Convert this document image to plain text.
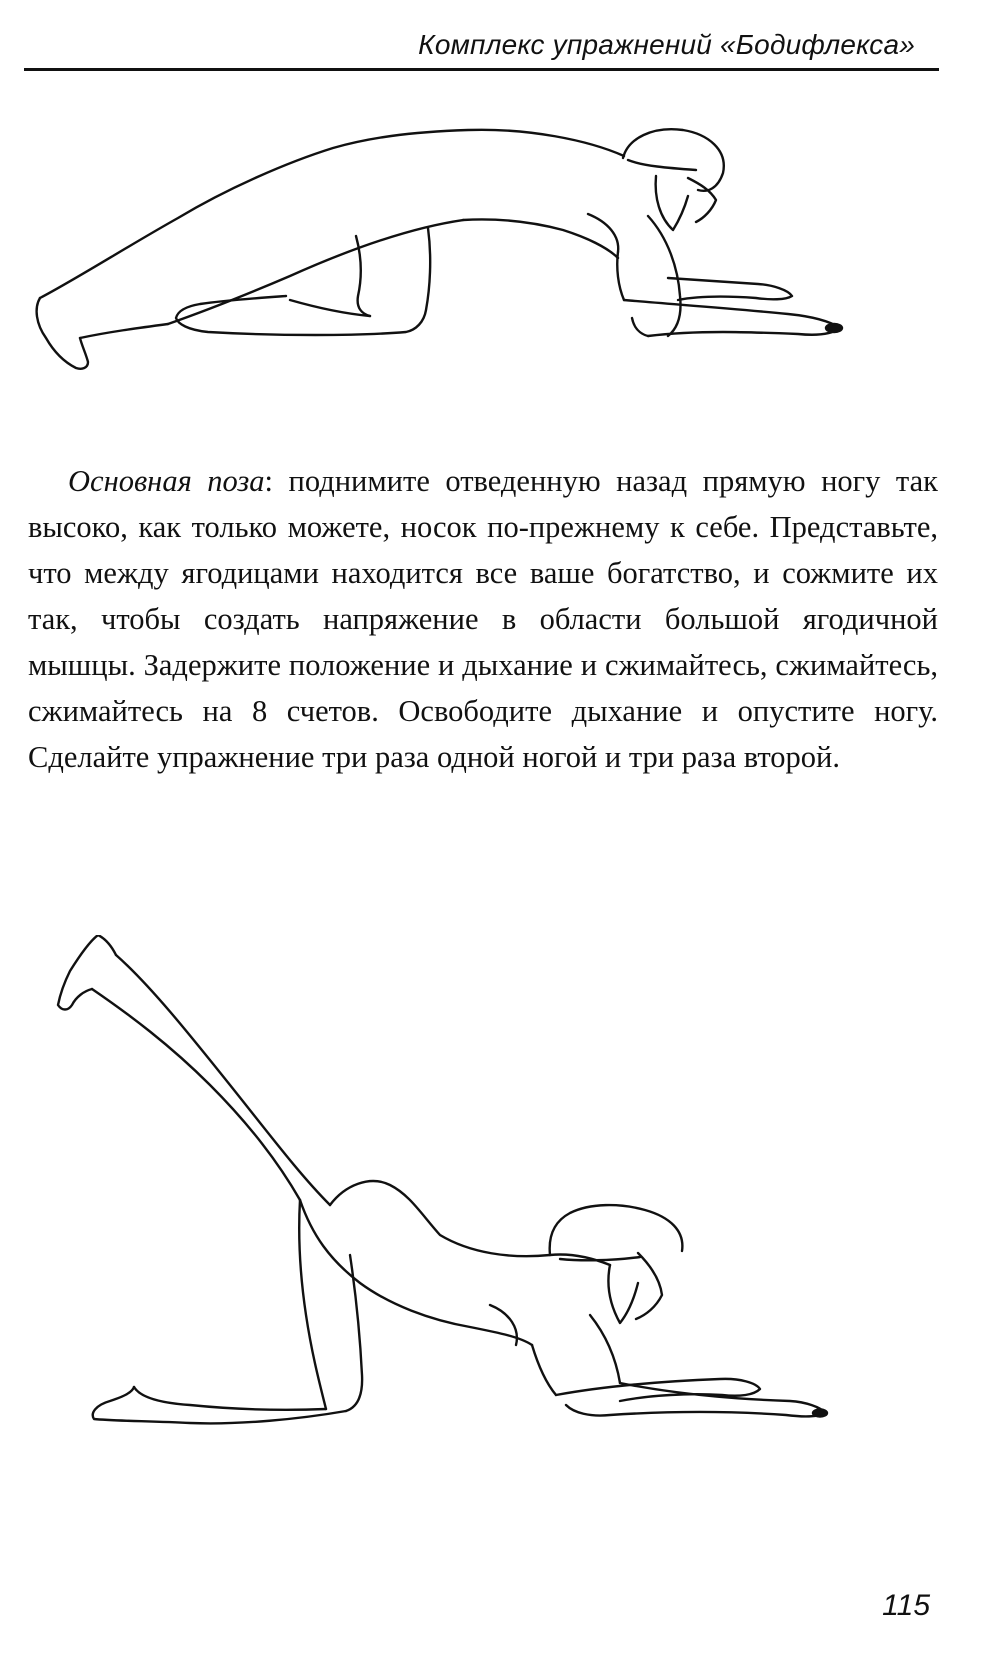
Комплекс упражнений «Бодифлекса»

Основная поза: поднимите отведенную назад прямую ногу так высоко, как только можете, носок по-прежнему к себе. Представьте, что между ягодицами находится все ваше богатство, и сожмите их так, чтобы создать напряжение в области большой ягодичной мышцы. Задержите положение и дыхание и сжимайтесь, сжимайтесь, сжимайтесь на 8 счетов. Освободите дыхание и опустите ногу. Сделайте упражнение три раза одной ногой и три раза второй.

115
